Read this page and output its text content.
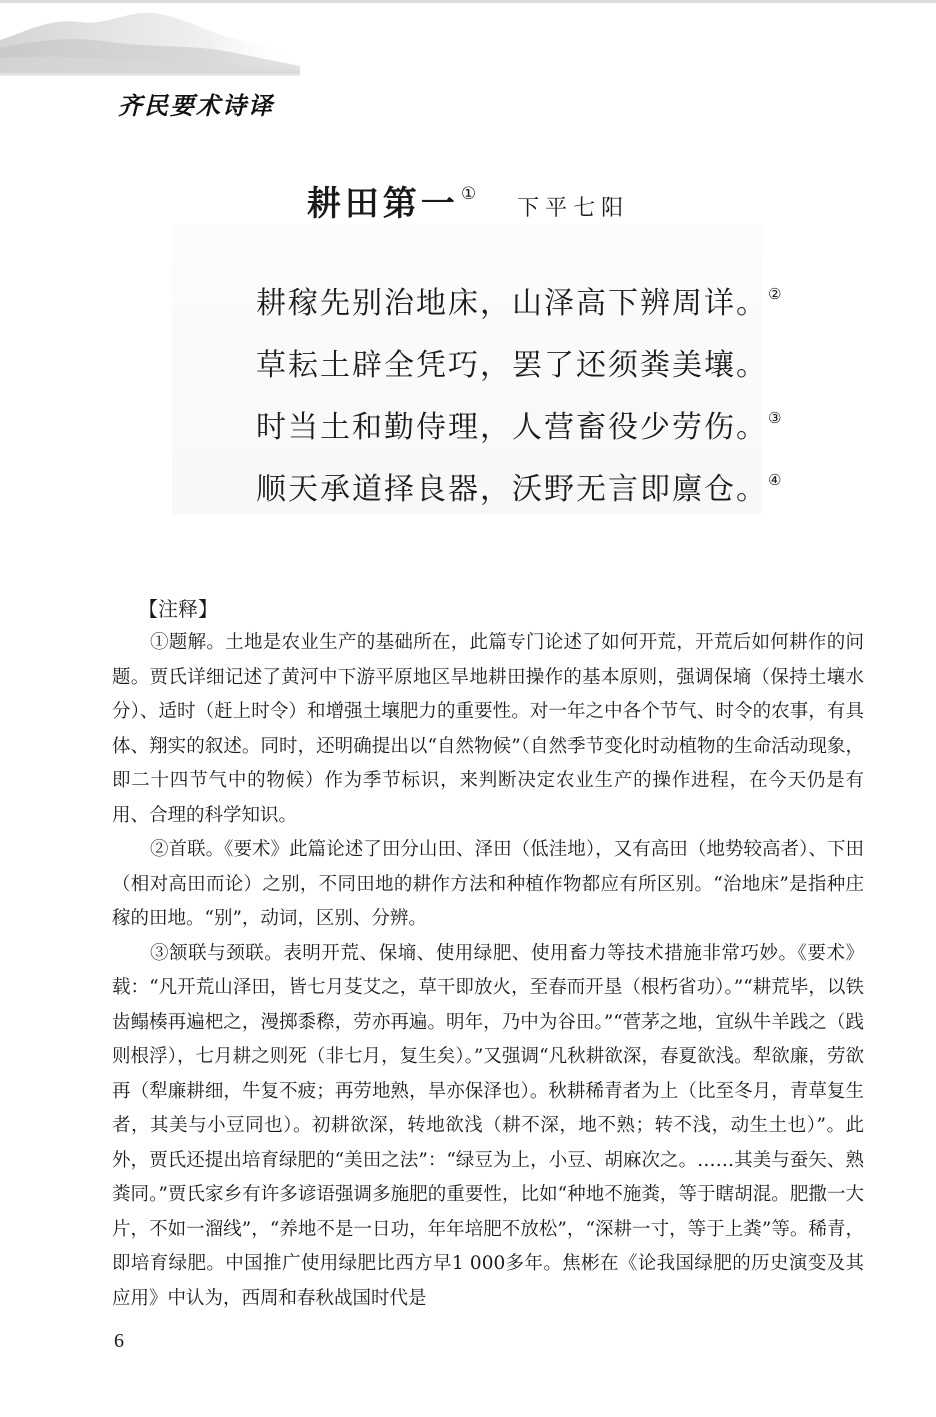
齐民要术诗译
耕田第一 ① 下平七阳
耕稼先别治地床，山泽高下辨周详。②
草耘土辟全凭巧，罢了还须粪美壤。
时当土和勤侍理，人营畜役少劳伤。③
顺天承道择良器，沃野无言即廪仓。④
【注释】

①题解。土地是农业生产的基础所在，此篇专门论述了如何开荒，开荒后如何耕作的问题。贾氏详细记述了黄河中下游平原地区旱地耕田操作的基本原则，强调保墒（保持土壤水分）、适时（赶上时令）和增强土壤肥力的重要性。对一年之中各个节气、时令的农事，有具体、翔实的叙述。同时，还明确提出以“自然物候”（自然季节变化时动植物的生命活动现象，即二十四节气中的物候）作为季节标识，来判断决定农业生产的操作进程，在今天仍是有用、合理的科学知识。

②首联。《要术》此篇论述了田分山田、泽田（低洼地），又有高田（地势较高者）、下田（相对高田而论）之别，不同田地的耕作方法和种植作物都应有所区别。“治地床”是指种庄稼的田地。“别”，动词，区别、分辨。

③颔联与颈联。表明开荒、保墒、使用绿肥、使用畜力等技术措施非常巧妙。《要术》载：“凡开荒山泽田，皆七月芟艾之，草干即放火，至春而开垦（根朽省功）。”“耕荒毕，以铁齿鳎楱再遍杷之，漫掷黍穄，劳亦再遍。明年，乃中为谷田。”“菅茅之地，宜纵牛羊践之（践则根浮），七月耕之则死（非七月，复生矣）。”又强调“凡秋耕欲深，春夏欲浅。犁欲廉，劳欲再（犁廉耕细，牛复不疲；再劳地熟，旱亦保泽也）。秋耕稀青者为上（比至冬月，青草复生者，其美与小豆同也）。初耕欲深，转地欲浅（耕不深，地不熟；转不浅，动生土也）”。此外，贾氏还提出培育绿肥的“美田之法”：“绿豆为上，小豆、胡麻次之。……其美与蚕矢、熟粪同。”贾氏家乡有许多谚语强调多施肥的重要性，比如“种地不施粪，等于瞎胡混。肥撒一大片，不如一溜线”，“养地不是一日功，年年培肥不放松”，“深耕一寸，等于上粪”等。稀青，即培育绿肥。中国推广使用绿肥比西方早1 000多年。焦彬在《论我国绿肥的历史演变及其应用》中认为，西周和春秋战国时代是

6
